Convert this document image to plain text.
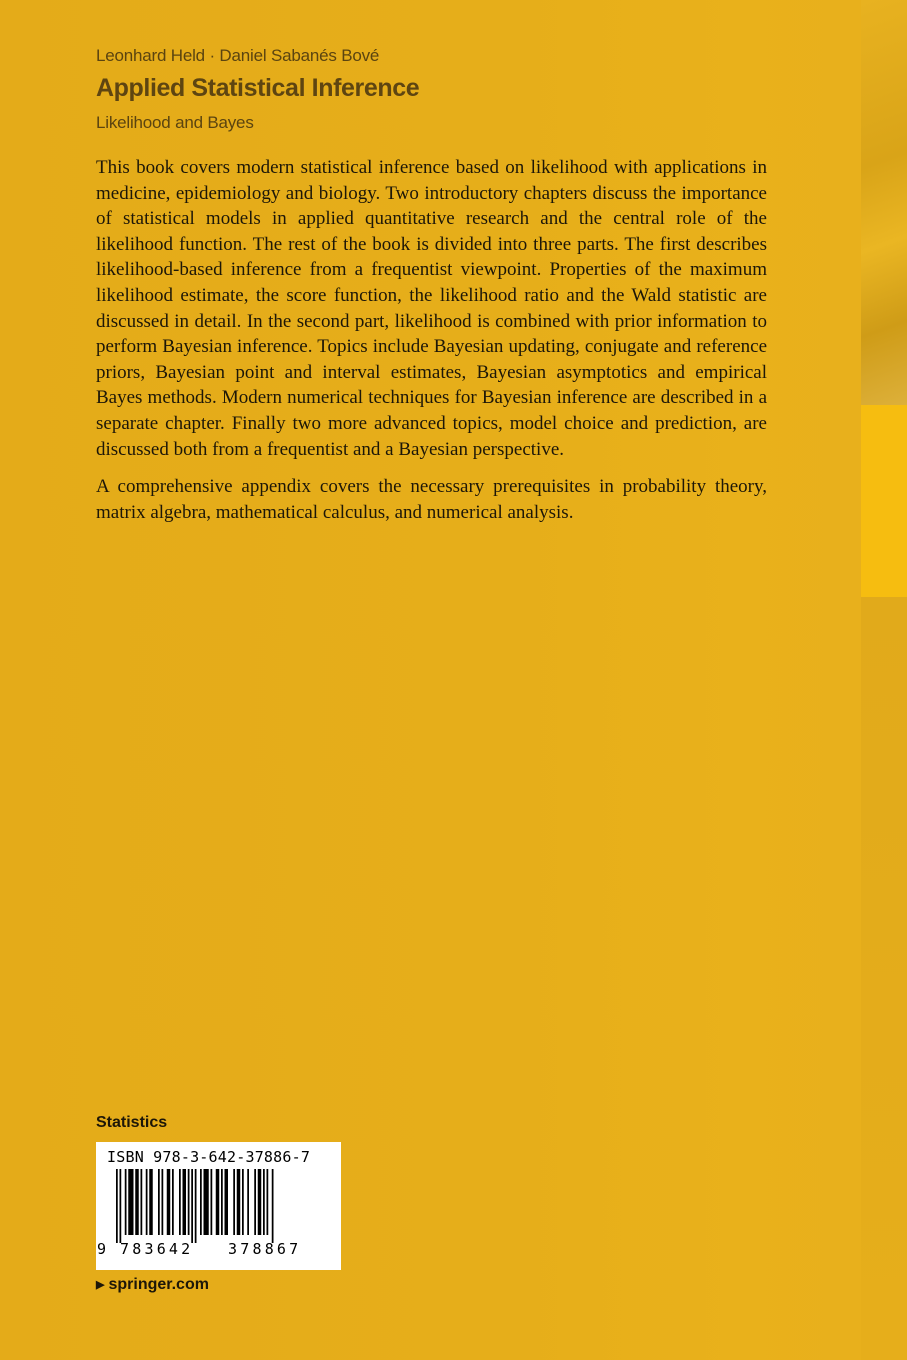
Leonhard Held · Daniel Sabanés Bové
Applied Statistical Inference
Likelihood and Bayes

This book covers modern statistical inference based on likelihood with applications in medicine, epidemiology and biology. Two introductory chapters discuss the importance of statistical models in applied quantitative research and the central role of the likelihood function. The rest of the book is divided into three parts. The first describes likelihood-based inference from a frequentist viewpoint. Properties of the maximum likelihood estimate, the score function, the likelihood ratio and the Wald statistic are discussed in detail. In the second part, likelihood is combined with prior information to perform Bayesian inference. Topics include Bayesian updating, conjugate and reference priors, Bayesian point and interval estimates, Bayesian asymptotics and empirical Bayes methods. Modern numerical techniques for Bayesian inference are described in a separate chapter. Finally two more advanced topics, model choice and prediction, are discussed both from a frequentist and a Bayesian perspective.

A comprehensive appendix covers the necessary prerequisites in probability theory, matrix algebra, mathematical calculus, and numerical analysis.

Statistics
ISBN 978-3-642-37886-7
9 783642 378867
▶ springer.com
